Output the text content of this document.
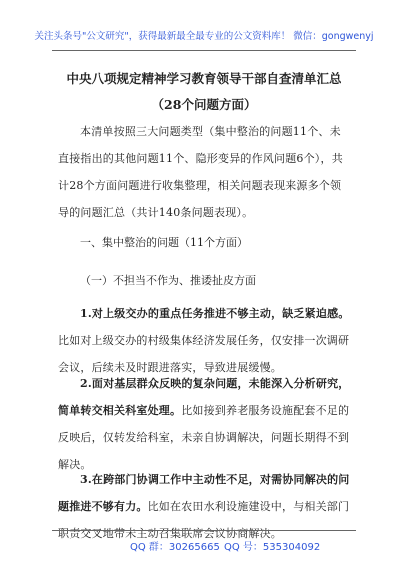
关注头条号"公文研究"，获得最新最全最专业的公文资料库！ 微信：gongwenyj
中央八项规定精神学习教育领导干部自查清单汇总（28个问题方面）
本清单按照三大问题类型（集中整治的问题11个、未直接指出的其他问题11个、隐形变异的作风问题6个），共计28个方面问题进行收集整理，相关问题表现来源多个领导的问题汇总（共计140条问题表现）。
一、集中整治的问题（11个方面）
（一）不担当不作为、推诿扯皮方面
1.对上级交办的重点任务推进不够主动，缺乏紧迫感。比如对上级交办的村级集体经济发展任务，仅安排一次调研会议，后续未及时跟进落实，导致进展缓慢。
2.面对基层群众反映的复杂问题，未能深入分析研究，简单转交相关科室处理。比如接到养老服务设施配套不足的反映后，仅转发给科室，未亲自协调解决，问题长期得不到解决。
3.在跨部门协调工作中主动性不足，对需协同解决的问题推进不够有力。比如在农田水利设施建设中，与相关部门职责交叉地带未主动召集联席会议协商解决。
QQ 群：30265665 QQ 号：535304092
